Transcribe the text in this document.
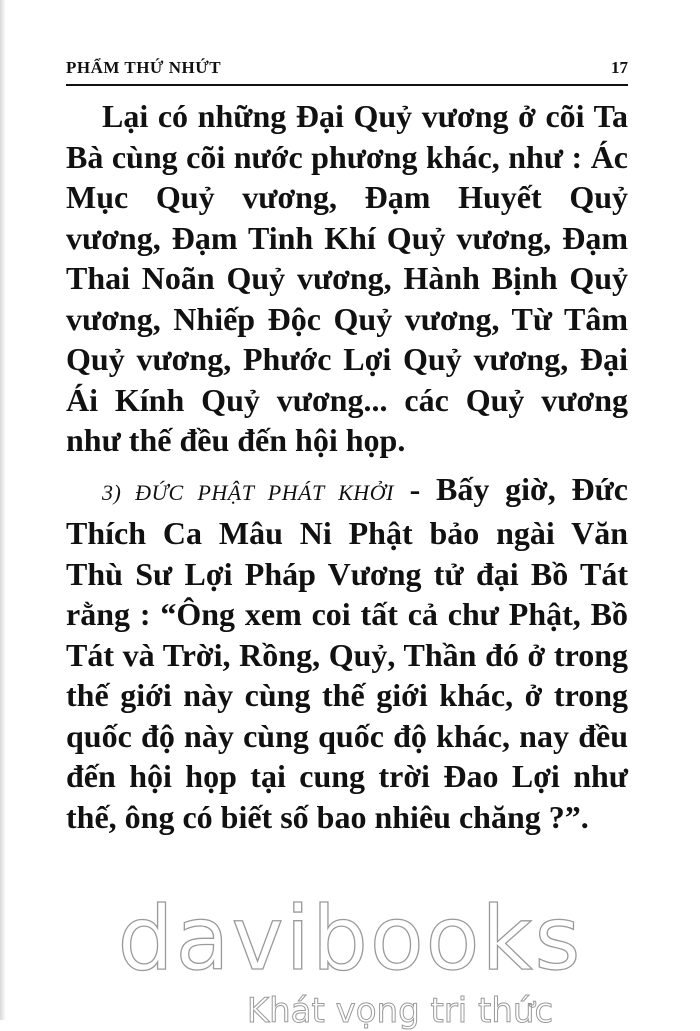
PHẨM THỨ NHỨT	17

Lại có những Đại Quỷ vương ở cõi Ta Bà cùng cõi nước phương khác, như : Ác Mục Quỷ vương, Đạm Huyết Quỷ vương, Đạm Tinh Khí Quỷ vương, Đạm Thai Noãn Quỷ vương, Hành Bịnh Quỷ vương, Nhiếp Độc Quỷ vương, Từ Tâm Quỷ vương, Phước Lợi Quỷ vương, Đại Ái Kính Quỷ vương... các Quỷ vương như thế đều đến hội họp.

3) ĐỨC PHẬT PHÁT KHỞI - Bấy giờ, Đức Thích Ca Mâu Ni Phật bảo ngài Văn Thù Sư Lợi Pháp Vương tử đại Bồ Tát rằng : “Ông xem coi tất cả chư Phật, Bồ Tát và Trời, Rồng, Quỷ, Thần đó ở trong thế giới này cùng thế giới khác, ở trong quốc độ này cùng quốc độ khác, nay đều đến hội họp tại cung trời Đao Lợi như thế, ông có biết số bao nhiêu chăng ?”.

davibooks
Khát vọng tri thức
